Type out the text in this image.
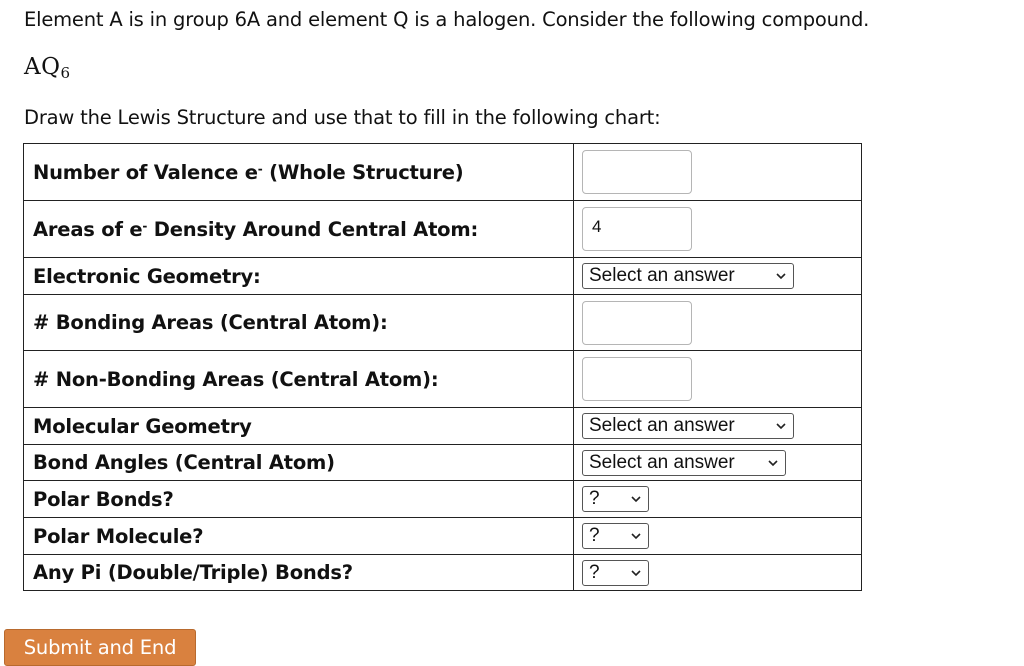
Element A is in group 6A and element Q is a halogen. Consider the following compound.
$AQ_6$
Draw the Lewis Structure and use that to fill in the following chart:
Number of Valence e- (Whole Structure)	

Areas of e- Density Around Central Atom:	4

Electronic Geometry:	Select an answer

# Bonding Areas (Central Atom):	

# Non-Bonding Areas (Central Atom):	

Molecular Geometry	Select an answer

Bond Angles (Central Atom)	Select an answer

Polar Bonds?	?

Polar Molecule?	?

Any Pi (Double/Triple) Bonds?	?
Submit and End
